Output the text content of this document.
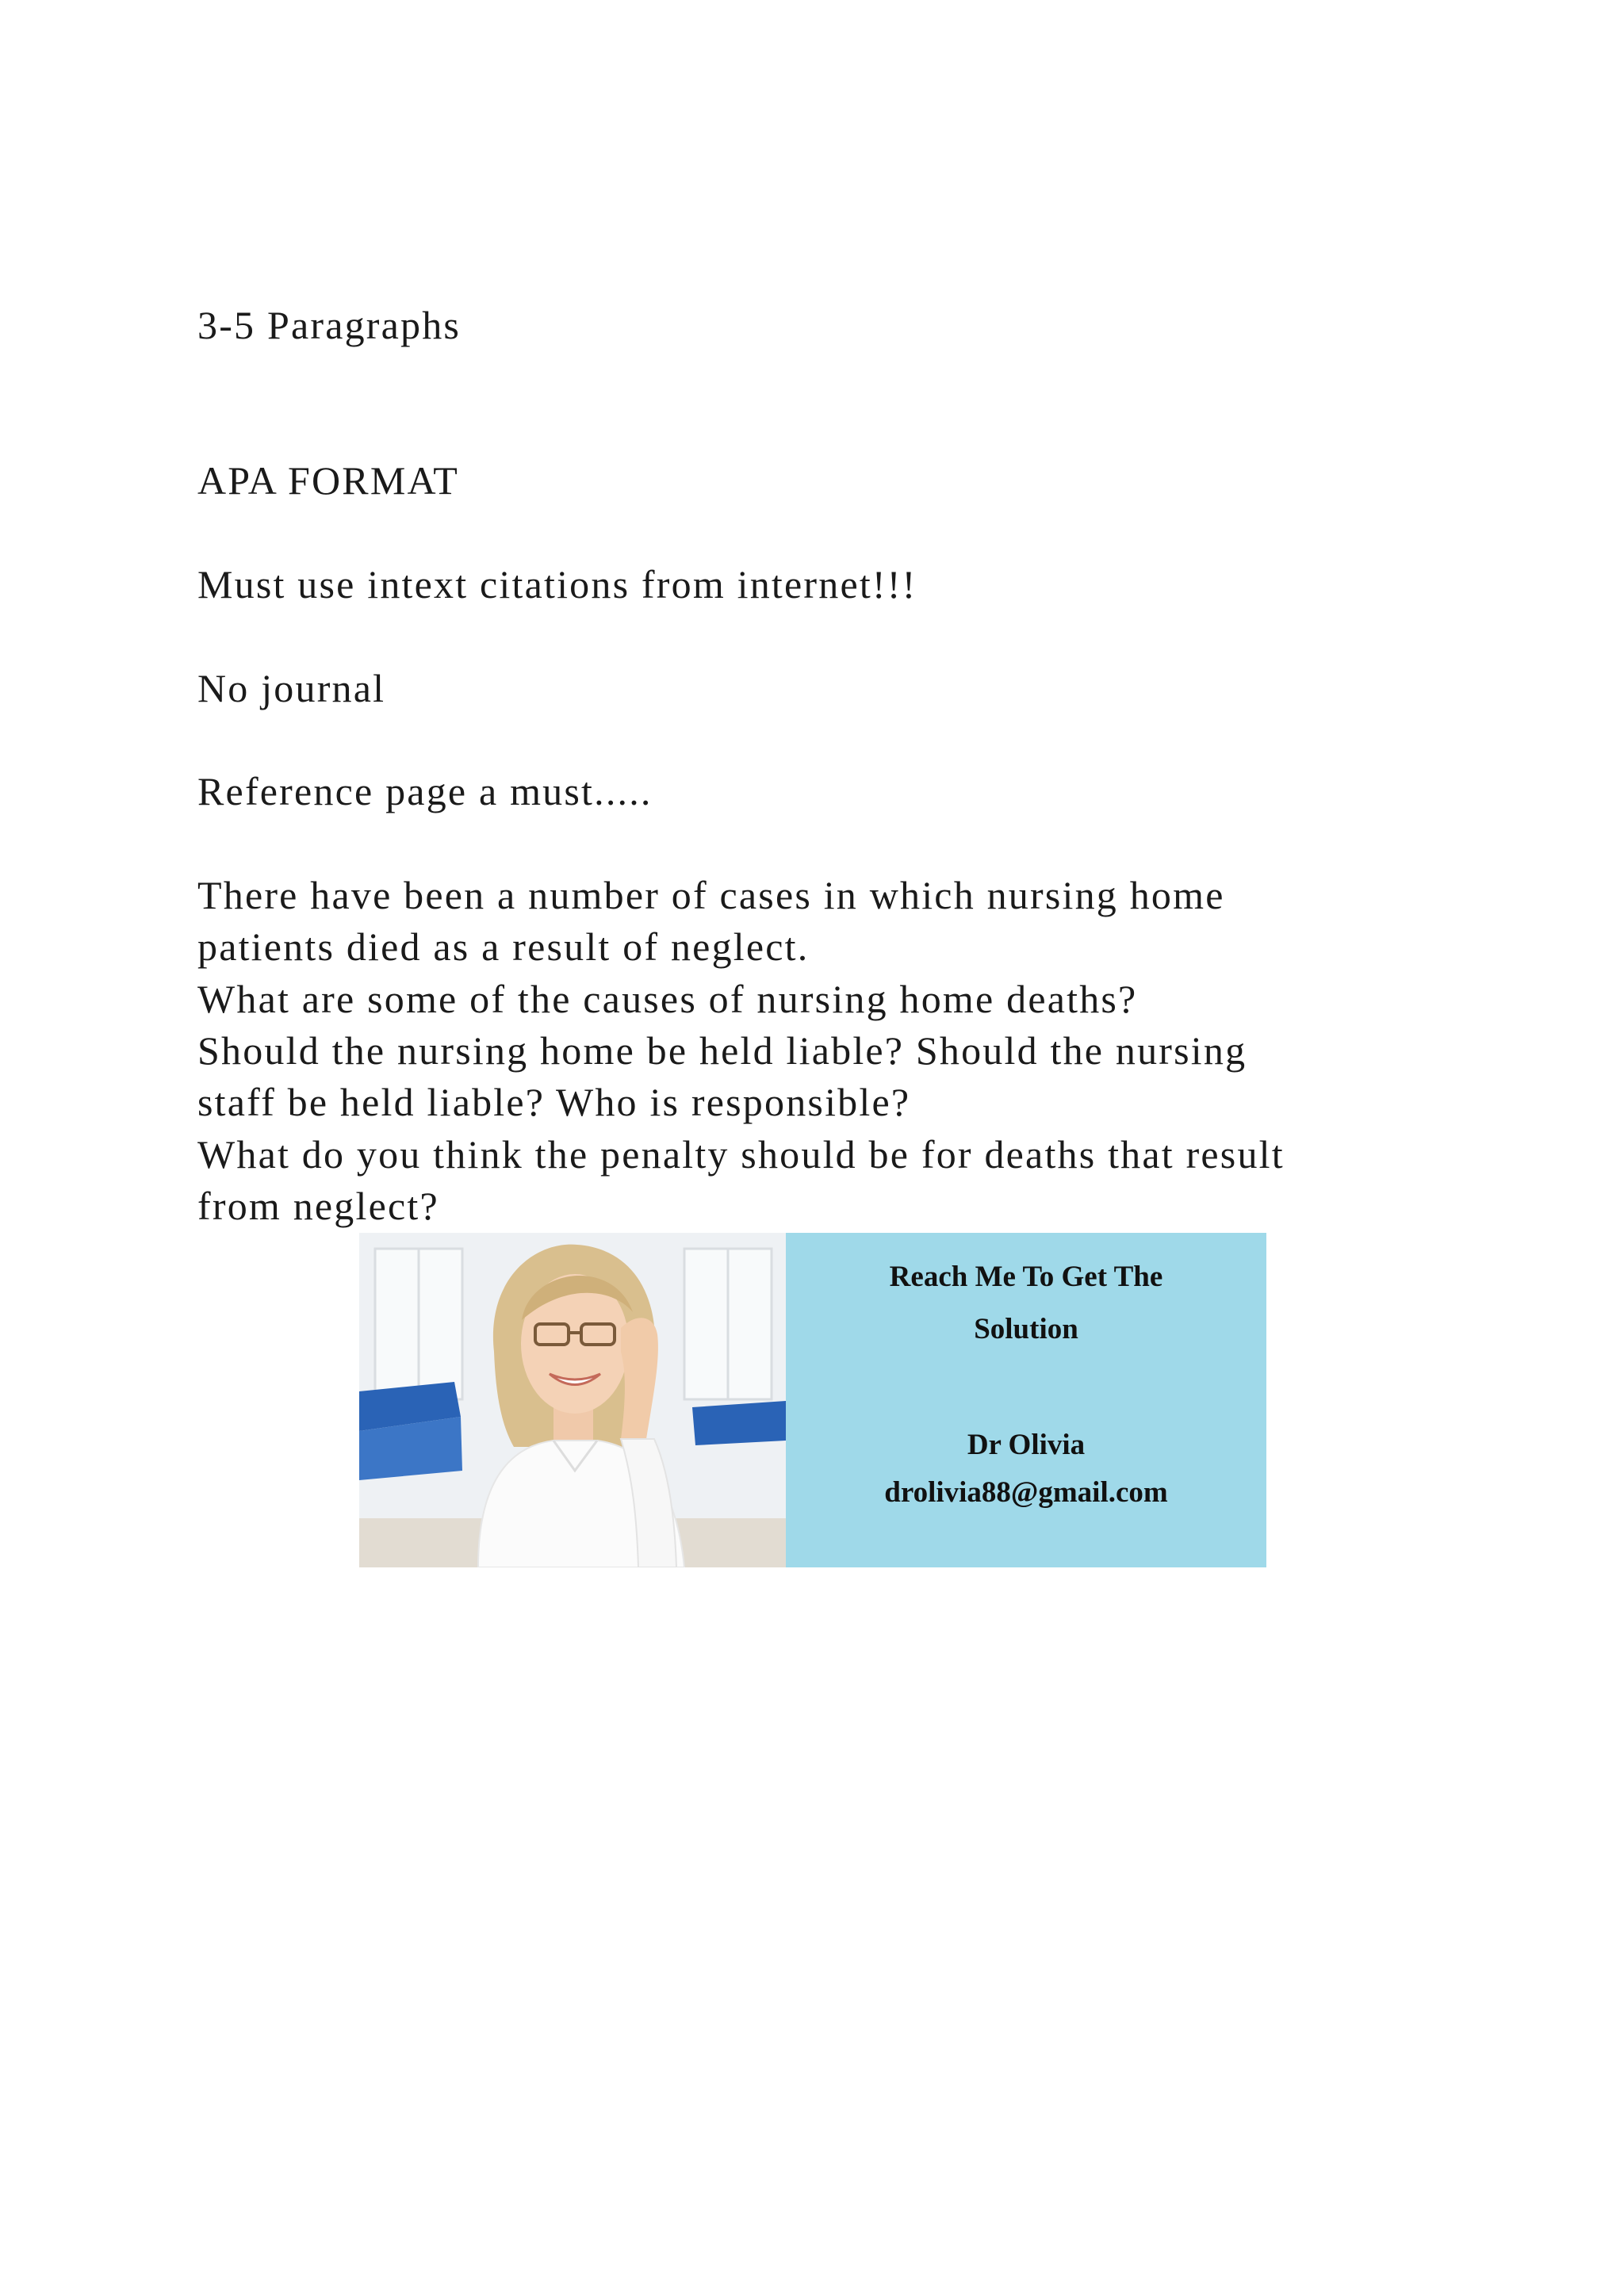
3-5 Paragraphs

APA FORMAT

Must use intext citations from internet!!!

No journal

Reference page a must.....

There have been a number of cases in which nursing home

patients died as a result of neglect.

What are some of the causes of nursing home deaths?

Should the nursing home be held liable? Should the nursing

staff be held liable? Who is responsible?

What do you think the penalty should be for deaths that result

from neglect?

Reach Me To Get The
Solution
Dr Olivia
drolivia88@gmail.com
